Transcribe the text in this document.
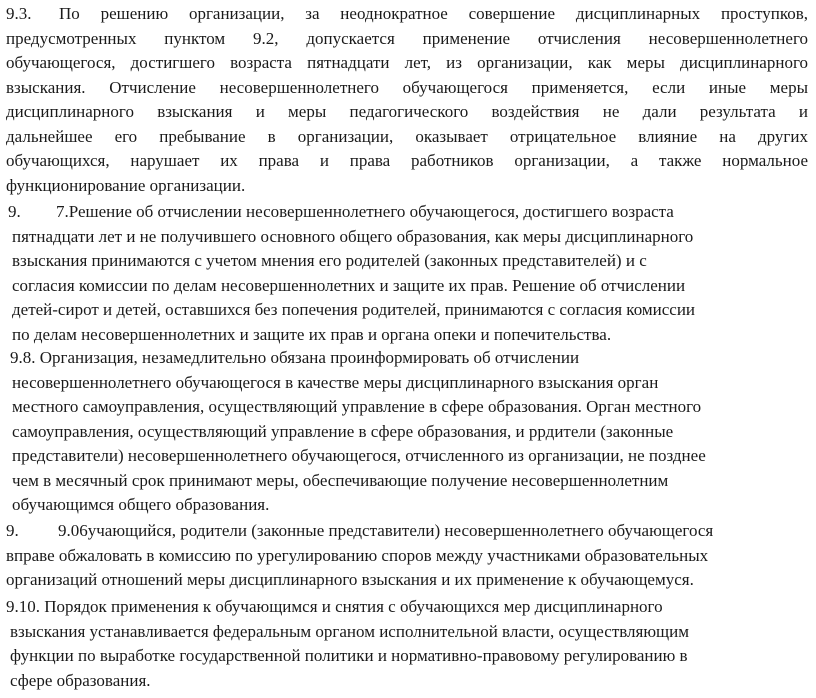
9.3. По решению организации, за неоднократное совершение дисциплинарных проступков,
предусмотренных пунктом 9.2, допускается применение отчисления несовершеннолетнего
обучающегося, достигшего возраста пятнадцати лет, из организации, как меры дисциплинарного
взыскания. Отчисление несовершеннолетнего обучающегося применяется, если иные меры
дисциплинарного взыскания и меры педагогического воздействия не дали результата и
дальнейшее его пребывание в организации, оказывает отрицательное влияние на других
обучающихся, нарушает их права и права работников организации, а также нормальное
функционирование организации.
9. 7.Решение об отчислении несовершеннолетнего обучающегося, достигшего возраста
пятнадцати лет и не получившего основного общего образования, как меры дисциплинарного
взыскания принимаются с учетом мнения его родителей (законных представителей) и с
согласия комиссии по делам несовершеннолетних и защите их прав. Решение об отчислении
детей-сирот и детей, оставшихся без попечения родителей, принимаются с согласия комиссии
по делам несовершеннолетних и защите их прав и органа опеки и попечительства.
9.8. Организация, незамедлительно обязана проинформировать об отчислении
несовершеннолетнего обучающегося в качестве меры дисциплинарного взыскания орган
местного самоуправления, осуществляющий управление в сфере образования. Орган местного
самоуправления, осуществляющий управление в сфере образования, и ррдители (законные
представители) несовершеннолетнего обучающегося, отчисленного из организации, не позднее
чем в месячный срок принимают меры, обеспечивающие получение несовершеннолетним
обучающимся общего образования.
9. 9.06учающийся, родители (законные представители) несовершеннолетнего обучающегося
вправе обжаловать в комиссию по урегулированию споров между участниками образовательных
организаций отношений меры дисциплинарного взыскания и их применение к обучающемуся.
9.10. Порядок применения к обучающимся и снятия с обучающихся мер дисциплинарного
взыскания устанавливается федеральным органом исполнительной власти, осуществляющим
функции по выработке государственной политики и нормативно-правовому регулированию в
сфере образования.
